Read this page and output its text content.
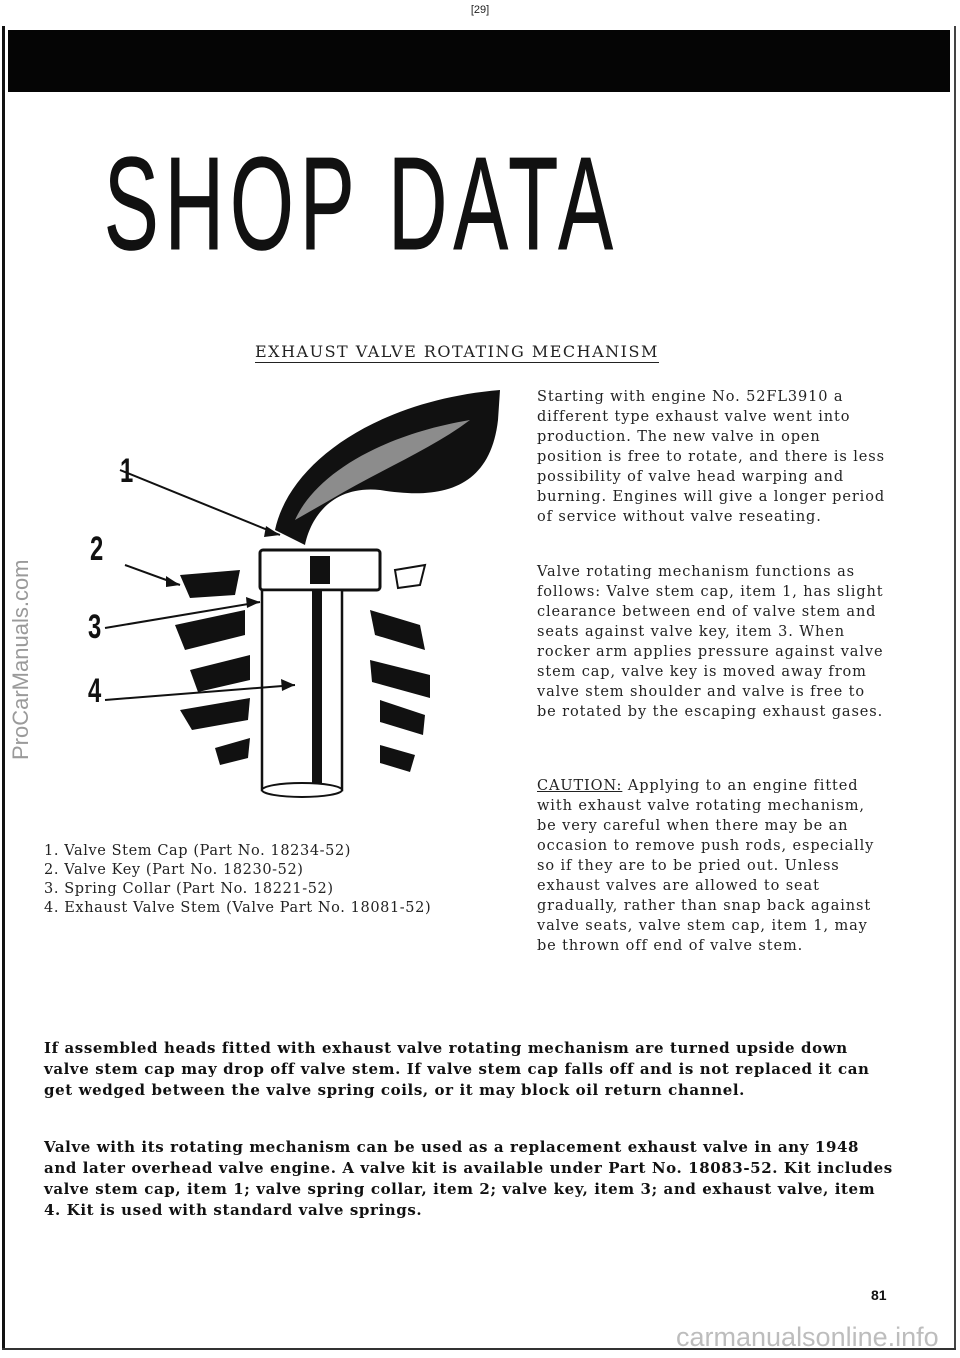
[29]
SHOP DATA
ProCarManuals.com
EXHAUST VALVE ROTATING MECHANISM
1
2
3
4

Starting with engine No. 52FL3910 a different type exhaust valve went into production. The new valve in open position is free to rotate, and there is less possibility of valve head warping and burning. Engines will give a longer period of service without valve reseating.

Valve rotating mechanism functions as follows: Valve stem cap, item 1, has slight clearance between end of valve stem and seats against valve key, item 3. When rocker arm applies pressure against valve stem cap, valve key is moved away from valve stem shoulder and valve is free to be rotated by the escaping exhaust gases.

CAUTION: Applying to an engine fitted with exhaust valve rotating mechanism, be very careful when there may be an occasion to remove push rods, especially so if they are to be pried out. Unless exhaust valves are allowed to seat gradually, rather than snap back against valve seats, valve stem cap, item 1, may be thrown off end of valve stem.

1. Valve Stem Cap (Part No. 18234-52)
2. Valve Key (Part No. 18230-52)
3. Spring Collar (Part No. 18221-52)
4. Exhaust Valve Stem (Valve Part No. 18081-52)

If assembled heads fitted with exhaust valve rotating mechanism are turned upside down valve stem cap may drop off valve stem. If valve stem cap falls off and is not replaced it can get wedged between the valve spring coils, or it may block oil return channel.

Valve with its rotating mechanism can be used as a replacement exhaust valve in any 1948 and later overhead valve engine. A valve kit is available under Part No. 18083-52. Kit includes valve stem cap, item 1; valve spring collar, item 2; valve key, item 3; and exhaust valve, item 4. Kit is used with standard valve springs.

81
carmanualsonline.info
